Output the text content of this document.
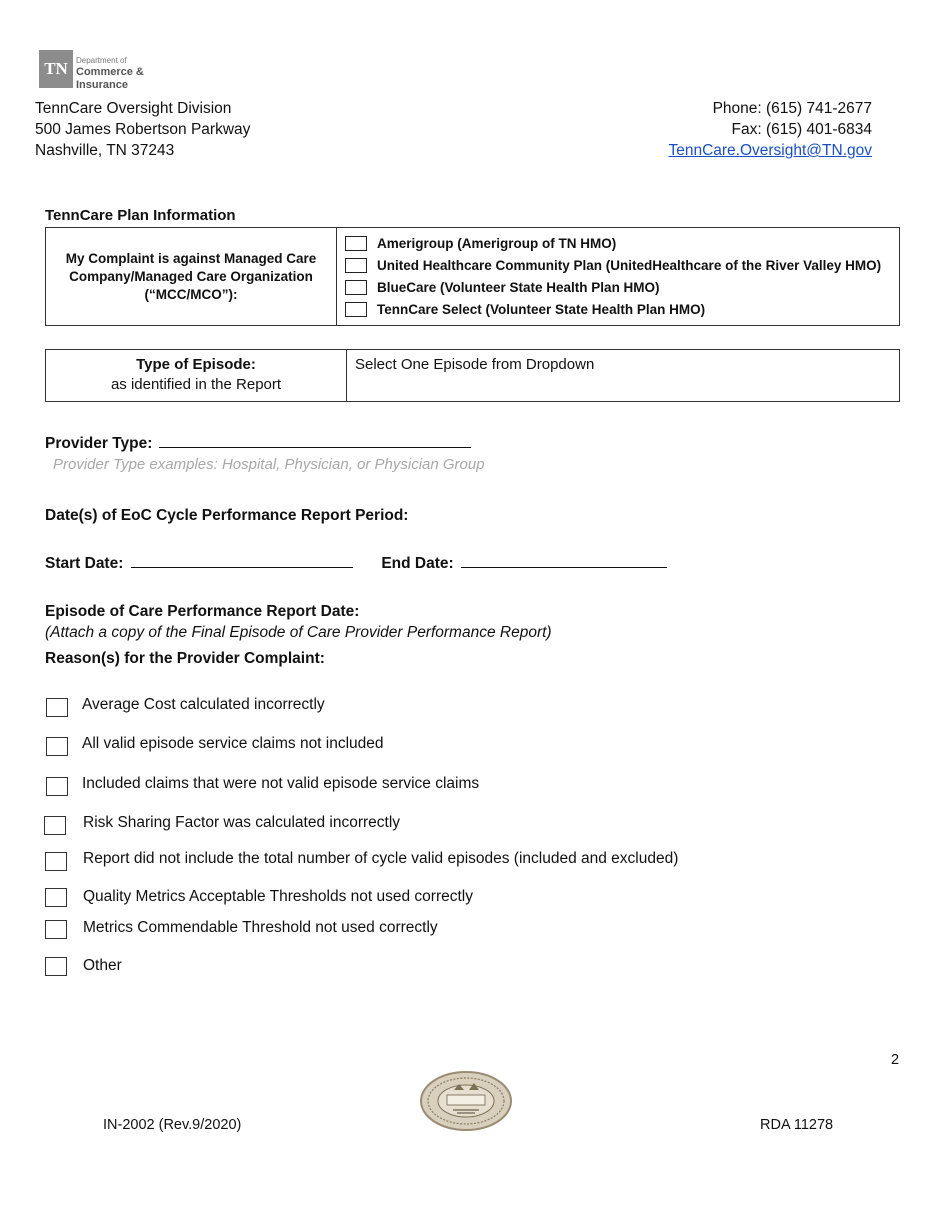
TN	Department of
Commerce &
Insurance
TennCare Oversight Division
500 James Robertson Parkway
Nashville, TN 37243
Phone: (615) 741-2677
Fax: (615) 401-6834
TennCare.Oversight@TN.gov
TennCare Plan Information
My Complaint is against Managed Care Company/Managed Care Organization (“MCC/MCO”):

Amerigroup (Amerigroup of TN HMO)
United Healthcare Community Plan (UnitedHealthcare of the River Valley HMO)
BlueCare (Volunteer State Health Plan HMO)
TennCare Select (Volunteer State Health Plan HMO)
Type of Episode:
as identified in the Report
	Select One Episode from Dropdown
Provider Type:
Provider Type examples: Hospital, Physician, or Physician Group
Date(s) of EoC Cycle Performance Report Period:
Start Date:	End Date:
Episode of Care Performance Report Date:
(Attach a copy of the Final Episode of Care Provider Performance Report)
Reason(s) for the Provider Complaint:
Average Cost calculated incorrectly
All valid episode service claims not included
Included claims that were not valid episode service claims
Risk Sharing Factor was calculated incorrectly
Report did not include the total number of cycle valid episodes (included and excluded)
Quality Metrics Acceptable Thresholds not used correctly
Metrics Commendable Threshold not used correctly
Other
2
IN-2002 (Rev.9/2020)	RDA 11278
